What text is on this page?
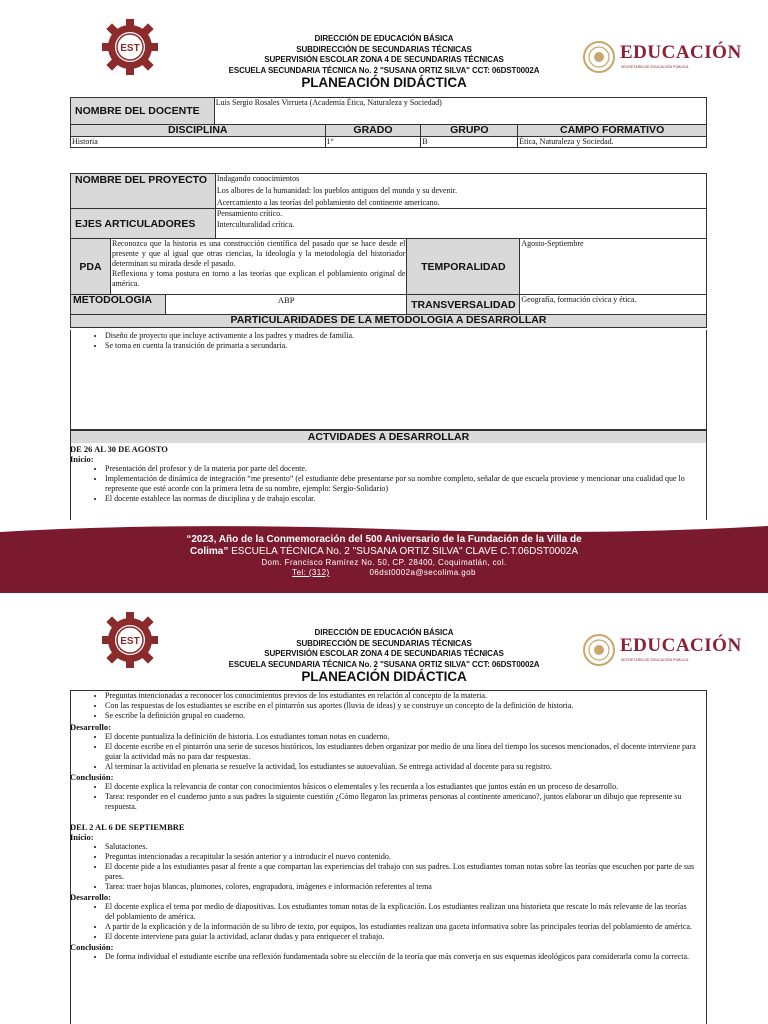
EST	EDUCACIÓN
SECRETARÍA DE EDUCACIÓN PÚBLICA
DIRECCIÓN DE EDUCACIÓN BÁSICA
SUBDIRECCIÓN DE SECUNDARIAS TÉCNICAS
SUPERVISIÓN ESCOLAR ZONA 4 DE SECUNDARIAS TÉCNICAS
ESCUELA SECUNDARIA TÉCNICA No. 2 "SUSANA ORTIZ SILVA" CCT: 06DST0002A
PLANEACIÓN DIDÁCTICA
NOMBRE DEL DOCENTE	Luis Sergio Rosales Virrueta (Academia Ética, Naturaleza y Sociedad)			
DISCIPLINA		GRADO	GRUPO	CAMPO FORMATIVO
Historia		1°	B	Ética, Naturaleza y Sociedad.
NOMBRE DEL PROYECTO			Indagando conocimientos
Los albores de la humanidad: los pueblos antiguos del mundo y su devenir.
Acercamiento a las teorías del poblamiento del continente americano.		

EJES ARTICULADORES			Pensamiento crítico.
Interculturalidad crítica.		

PDA	Reconozca que la historia es una construcción científica del pasado que se hace desde el presente y que al igual que otras ciencias, la ideología y la metodología del historiador determinan su mirada desde el pasado.
Reflexiona y toma postura en torno a las teorías que explican el poblamiento original de américa.			TEMPORALIDAD	Agosto-Septiembre
METODOLOGÍA		ABP		TRANSVERSALIDAD	Geografía, formación cívica y ética.
PARTICULARIDADES DE LA METODOLOGÍA A DESARROLLAR					
• Diseño de proyecto que incluye activamente a los padres y madres de familia.
• Se toma en cuenta la transición de primaria a secundaria.
ACTVIDADES A DESARROLLAR
DE 26 AL 30 DE AGOSTO
Inicio:
• Presentación del profesor y de la materia por parte del docente.
• Implementación de dinámica de integración “me presento” (el estudiante debe presentarse por su nombre completo, señalar de que escuela proviene y mencionar una cualidad que lo represente que esté acorde con la primera letra de su nombre, ejemplo: Sergio-Solidario)
• El docente establece las normas de disciplina y de trabajo escolar.
“2023, Año de la Conmemoración del 500 Aniversario de la Fundación de la Villa de
Colima” ESCUELA TÉCNICA No. 2 "SUSANA ORTIZ SILVA" CLAVE C.T.06DST0002A
Dom. Francisco Ramírez No. 50, CP. 28400, Coquimatlán, col.
Tel: (312)	06dst0002a@secolima.gob
EST	EDUCACIÓN
SECRETARÍA DE EDUCACIÓN PÚBLICA
DIRECCIÓN DE EDUCACIÓN BÁSICA
SUBDIRECCIÓN DE SECUNDARIAS TÉCNICAS
SUPERVISIÓN ESCOLAR ZONA 4 DE SECUNDARIAS TÉCNICAS
ESCUELA SECUNDARIA TÉCNICA No. 2 "SUSANA ORTIZ SILVA" CCT: 06DST0002A
PLANEACIÓN DIDÁCTICA
• Preguntas intencionadas a reconocer los conocimientos previos de los estudiantes en relación al concepto de la materia.
• Con las respuestas de los estudiantes se escribe en el pintarrón sus aportes (lluvia de ideas) y se construye un concepto de la definición de historia.
• Se escribe la definición grupal en cuaderno.
Desarrollo:
• El docente puntualiza la definición de historia. Los estudiantes toman notas en cuaderno.
• El docente escribe en el pintarrón una serie de sucesos históricos, los estudiantes deben organizar por medio de una línea del tiempo los sucesos mencionados, el docente interviene para guiar la actividad más no para dar respuestas.
• Al terminar la actividad en plenaria se resuelve la actividad, los estudiantes se autoevalúan. Se entrega actividad al docente para su registro.
Conclusión:
• El docente explica la relevancia de contar con conocimientos básicos o elementales y les recuerda a los estudiantes que juntos están en un proceso de desarrollo.
• Tarea: responder en el cuaderno junto a sus padres la siguiente cuestión ¿Cómo llegaron las primeras personas al continente americano?, juntos elaborar un dibujo que represente su respuesta.
DEL 2 AL 6 DE SEPTIEMBRE
Inicio:
• Salutaciones.
• Preguntas intencionadas a recapitular la sesión anterior y a introducir el nuevo contenido.
• El docente pide a los estudiantes pasar al frente a que compartan las experiencias del trabajo con sus padres. Los estudiantes toman notas sobre las teorías que escuchen por parte de sus pares.
• Tarea: traer hojas blancas, plumones, colores, engrapadora, imágenes e información referentes al tema
Desarrollo:
• El docente explica el tema por medio de diapositivas. Los estudiantes toman notas de la explicación. Los estudiantes realizan una historieta que rescate lo más relevante de las teorías del poblamiento de américa.
• A partir de la explicación y de la información de su libro de texto, por equipos, los estudiantes realizan una gaceta informativa sobre las principales teorías del poblamiento de américa.
• El docente interviene para guiar la actividad, aclarar dudas y para enriquecer el trabajo.
Conclusión:
• De forma individual el estudiante escribe una reflexión fundamentada sobre su elección de la teoría que más converja en sus esquemas ideológicos para considerarla como la correcta.
